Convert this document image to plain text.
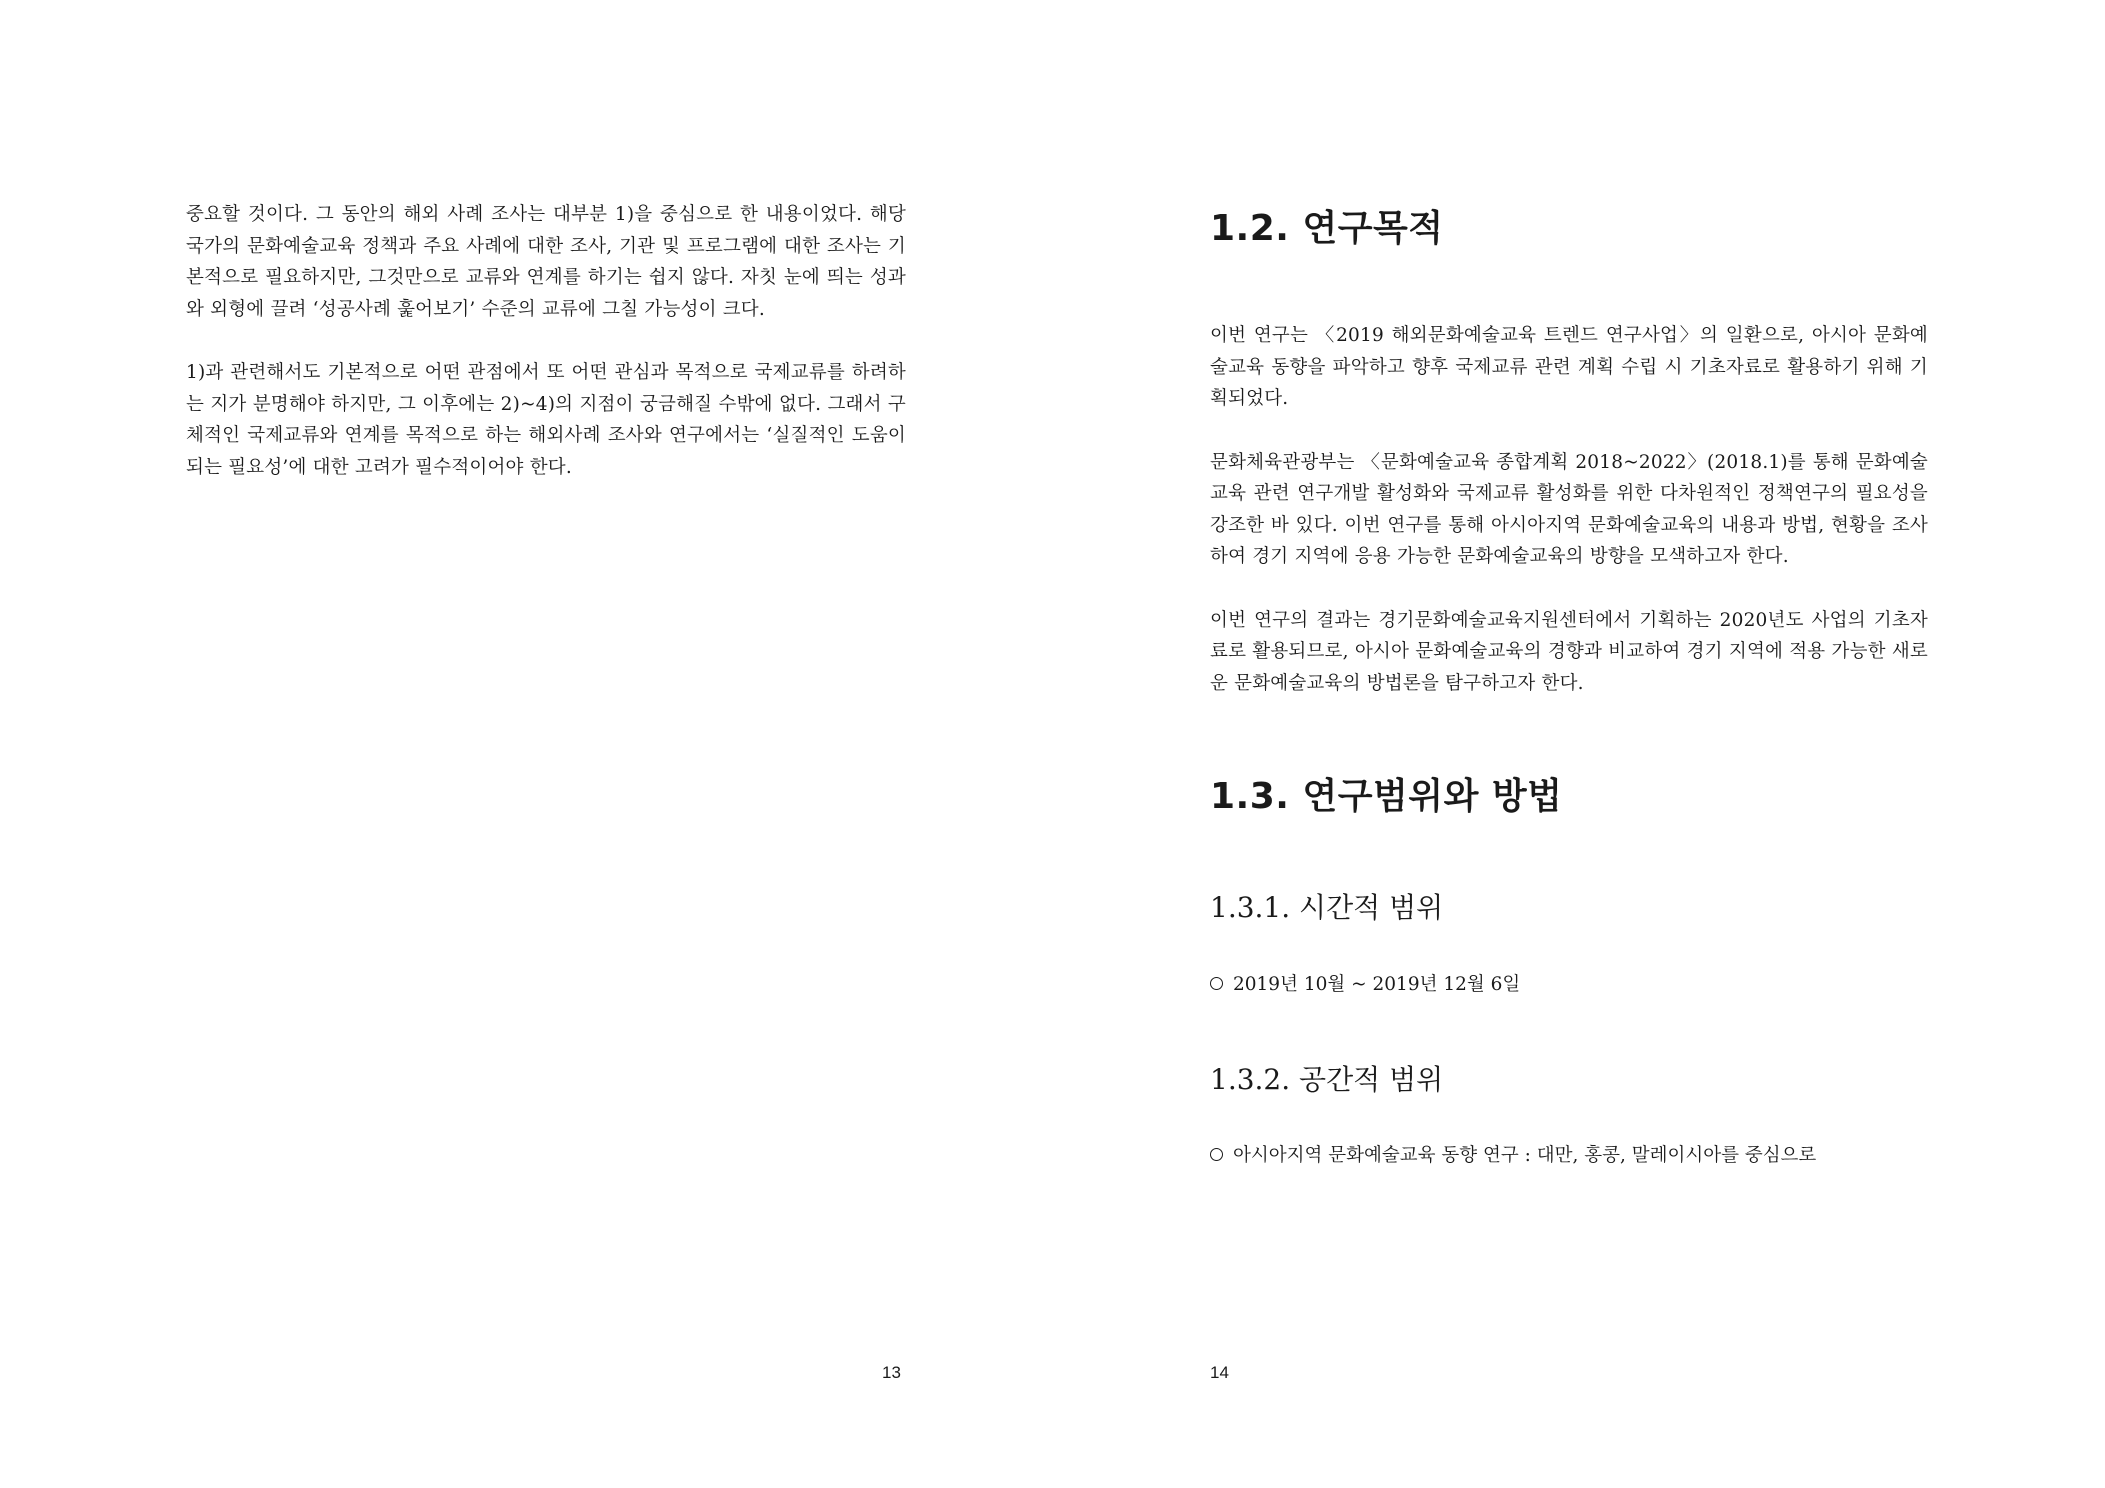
중요할 것이다. 그 동안의 해외 사례 조사는 대부분 1)을 중심으로 한 내용이었다. 해당 국가의 문화예술교육 정책과 주요 사례에 대한 조사, 기관 및 프로그램에 대한 조사는 기본적으로 필요하지만, 그것만으로 교류와 연계를 하기는 쉽지 않다. 자칫 눈에 띄는 성과와 외형에 끌려 ‘성공사례 훑어보기’ 수준의 교류에 그칠 가능성이 크다.

1)과 관련해서도 기본적으로 어떤 관점에서 또 어떤 관심과 목적으로 국제교류를 하려하는 지가 분명해야 하지만, 그 이후에는 2)~4)의 지점이 궁금해질 수밖에 없다. 그래서 구체적인 국제교류와 연계를 목적으로 하는 해외사례 조사와 연구에서는 ‘실질적인 도움이 되는 필요성’에 대한 고려가 필수적이어야 한다.

13
1.2. 연구목적

이번 연구는 〈2019 해외문화예술교육 트렌드 연구사업〉의 일환으로, 아시아 문화예술교육 동향을 파악하고 향후 국제교류 관련 계획 수립 시 기초자료로 활용하기 위해 기획되었다.

문화체육관광부는 〈문화예술교육 종합계획 2018~2022〉(2018.1)를 통해 문화예술교육 관련 연구개발 활성화와 국제교류 활성화를 위한 다차원적인 정책연구의 필요성을 강조한 바 있다. 이번 연구를 통해 아시아지역 문화예술교육의 내용과 방법, 현황을 조사하여 경기 지역에 응용 가능한 문화예술교육의 방향을 모색하고자 한다.

이번 연구의 결과는 경기문화예술교육지원센터에서 기획하는 2020년도 사업의 기초자료로 활용되므로, 아시아 문화예술교육의 경향과 비교하여 경기 지역에 적용 가능한 새로운 문화예술교육의 방법론을 탐구하고자 한다.

1.3. 연구범위와 방법
1.3.1. 시간적 범위
2019년 10월 ~ 2019년 12월 6일
1.3.2. 공간적 범위
아시아지역 문화예술교육 동향 연구 : 대만, 홍콩, 말레이시아를 중심으로
14
